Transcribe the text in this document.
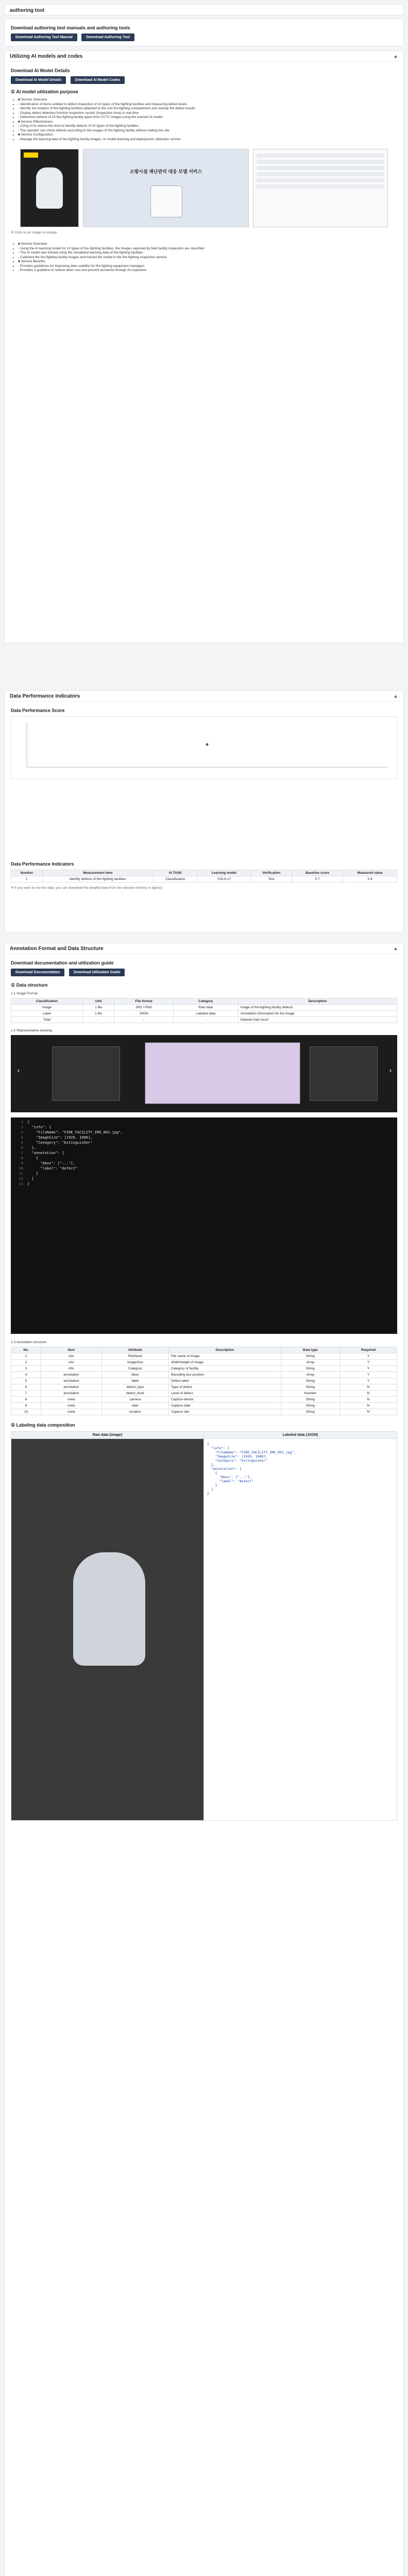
authoring tool
Download authoring tool manuals and authoring tools
Download Authoring Tool Manual	Download Authoring Tool
Utilizing AI models and codes	▲
Download AI Model Details
Download AI Model Details	Download AI Model Codes
① AI model utilization purpose
• ■ Service Overview
• - Identification of items entitled to defect inspection of 10 types of fire-fighting facilities and measuring defect levels
• - Identify the location of fire-fighting facilities attached to the unit fire-fighting compartment and overlap the defect results
• - Display defect detection function inspection results (Inspection Area) in real time
• - Determine defects of 10 fire-fighting facility types from CCTV images using the learned AI model
• ■ Service Effectiveness
• - Using AI to reduce the time to identify defects of 10 types of fire-fighting facilities
• - The operator can check defects according to the images of fire-fighting facility without visiting the site
• ■ Service Configuration
• - Manage the learning data of fire-fighting facility images, AI model learning and deployment, detection service
소방시설 재난관리 대응 모델 서비스
※ Click on an image to enlarge
• ■ Service Overview
• - Using the AI learning model for 10 types of fire-fighting facilities, the images captured by field facility inspectors are classified
• - The AI model was trained using the completed learning data of fire-fighting facilities
• - Collected the fire-fighting facility images and trained the model in the fire-fighting inspection service
• ■ Service Benefits
• - Provides guidelines for improving data usability for fire-fighting equipment managers
• - Provides a guideline to reduce labor cost and prevent accidents through AI inspection
Data Performance Indicators	▲
Data Performance Score
Data Performance Indicators
Number	Measurement item	AI TASK	Learning model	Verification	Baseline score	Measured value
1	Identify defects of fire-fighting facilities	Classification	YOLO v7	Test	0.7	0.8
※ If you want to use the data, you can download the detailed data from the relevant ministry or agency
Annotation Format and Data Structure	▲
Download documentation and utilization guide
Download Documentation	Download Utilization Guide
① Data structure
1-1 Image Format
Classification	Unit	File format	Category	Description
Image	1 file	JPG / PNG	Raw data	Image of fire-fighting facility defects
Label	1 file	JSON	Labeled data	Annotation information for the image
Total	-	-	-	Dataset total count
1-2 Representative drawing
‹	›
1 {
2  "info": {
3    "FileName": "FIRE_FACILITY_IMG_001.jpg",
4    "ImageSize": [1920, 1080],
5    "Category": "Extinguisher"
6  },
7  "annotation": [
8    {
9      "bbox": ["..."],
10      "label": "defect"
11    }
12  ]
13 }
1-3 Annotation structure
No.	Item	Attribute	Description	Data type	Required
1	info	FileName	File name of image	String	Y
2	info	ImageSize	Width/height of image	Array	Y
3	info	Category	Category of facility	String	Y
4	annotation	bbox	Bounding box position	Array	Y
5	annotation	label	Defect label	String	Y
6	annotation	defect_type	Type of defect	String	N
7	annotation	defect_level	Level of defect	Number	N
8	meta	camera	Capture device	String	N
9	meta	date	Capture date	String	N
10	meta	location	Capture site	String	N
② Labeling data composition
Raw data (image)	Labeled data (JSON)
{
"info": {
"FileName": "FIRE_FACILITY_IMG_001.jpg",
"ImageSize": [1920, 1080],
"Category": "Extinguisher"
},
"annotation": [
{
"bbox": ["..."],
"label": "defect"
}
]
}
